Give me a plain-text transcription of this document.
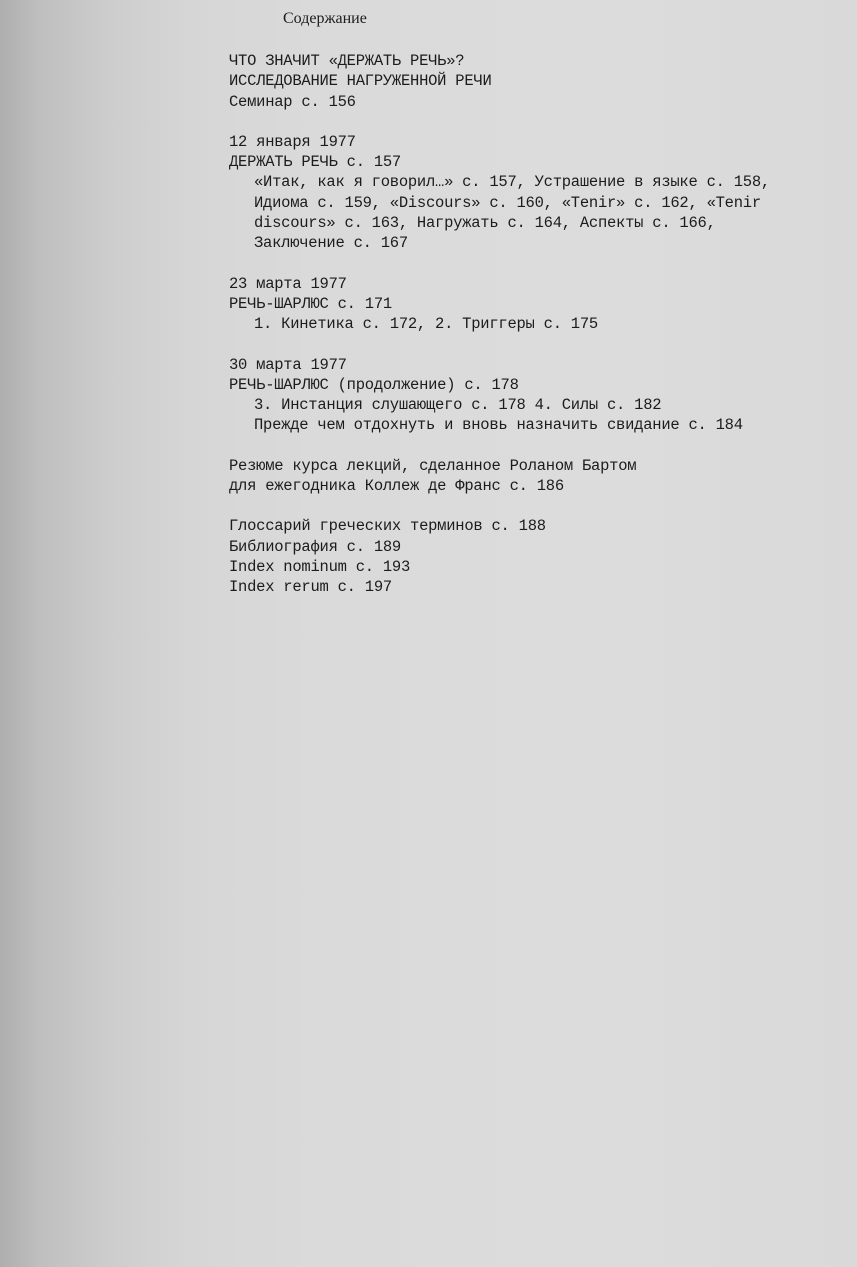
Содержание
ЧТО ЗНАЧИТ «ДЕРЖАТЬ РЕЧЬ»?
ИССЛЕДОВАНИЕ НАГРУЖЕННОЙ РЕЧИ
Семинар с. 156
12 января 1977
ДЕРЖАТЬ РЕЧЬ с. 157
«Итак, как я говорил…» с. 157, Устрашение в языке с. 158,
Идиома с. 159, «Discours» с. 160, «Tenir» с. 162, «Tenir
discours» с. 163, Нагружать с. 164, Аспекты с. 166,
Заключение с. 167
23 марта 1977
РЕЧЬ-ШАРЛЮС с. 171
1. Кинетика с. 172, 2. Триггеры с. 175
30 марта 1977
РЕЧЬ-ШАРЛЮС (продолжение) с. 178
3. Инстанция слушающего с. 178 4. Силы с. 182
Прежде чем отдохнуть и вновь назначить свидание с. 184
Резюме курса лекций, сделанное Роланом Бартом
для ежегодника Коллеж де Франс с. 186
Глоссарий греческих терминов с. 188
Библиография с. 189
Index nominum с. 193
Index rerum с. 197
